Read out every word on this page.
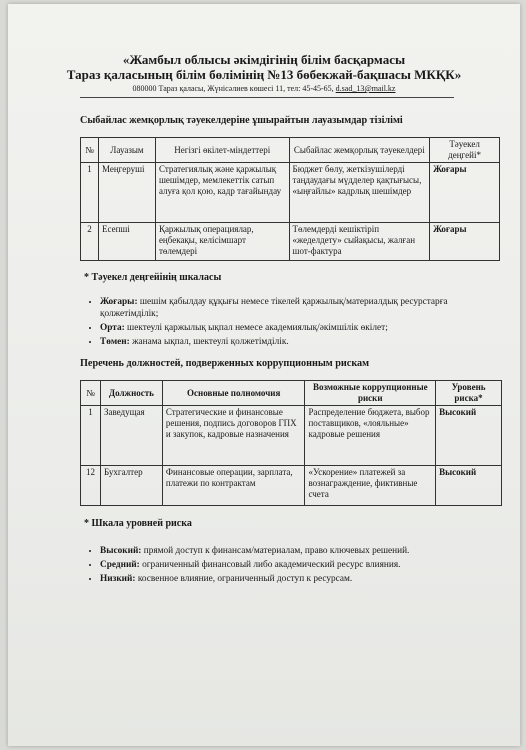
«Жамбыл облысы әкімдігінің білім басқармасы
Тараз қаласының білім бөлімінің №13 бөбекжай-бақшасы МКҚК»
080000 Тараз қаласы, Жүнісәлиев көшесі 11, тел: 45-45-65, d.sad_13@mail.kz
Сыбайлас жемқорлық тәуекелдеріне ұшырайтын лауазымдар тізілімі
№	Лауазым	Негізгі өкілет-міндеттері	Сыбайлас жемқорлық тәуекелдері	Тәуекел деңгейі*
1	Меңгеруші	Стратегиялық және қаржылық шешімдер, мемлекеттік сатып алуға қол қою, кадр тағайындау	Бюджет бөлу, жеткізушілерді таңдаудағы мүдделер қақтығысы, «ыңғайлы» кадрлық шешімдер	Жоғары
2	Есепші	Қаржылық операциялар, еңбекақы, келісімшарт төлемдері	Төлемдерді кешіктіріп «жеделдету» сыйақысы, жалған шот-фактура	Жоғары
* Тәуекел деңгейінің шкаласы
• Жоғары: шешім қабылдау құқығы немесе тікелей қаржылық/материалдық ресурстарға қолжетімділік;
• Орта: шектеулі қаржылық ықпал немесе академиялық/әкімшілік өкілет;
• Төмен: жанама ықпал, шектеулі қолжетімділік.
Перечень должностей, подверженных коррупционным рискам
№	Должность	Основные полномочия	Возможные коррупционные риски	Уровень риска*
1	Заведущая	Стратегические и финансовые решения, подпись договоров ГПХ и закупок, кадровые назначения	Распределение бюджета, выбор поставщиков, «лояльные» кадровые решения	Высокий
12	Бухгалтер	Финансовые операции, зарплата, платежи по контрактам	«Ускорение» платежей за вознаграждение, фиктивные счета	Высокий
* Шкала уровней риска
• Высокий: прямой доступ к финансам/материалам, право ключевых решений.
• Средний: ограниченный финансовый либо академический ресурс влияния.
• Низкий: косвенное влияние, ограниченный доступ к ресурсам.
